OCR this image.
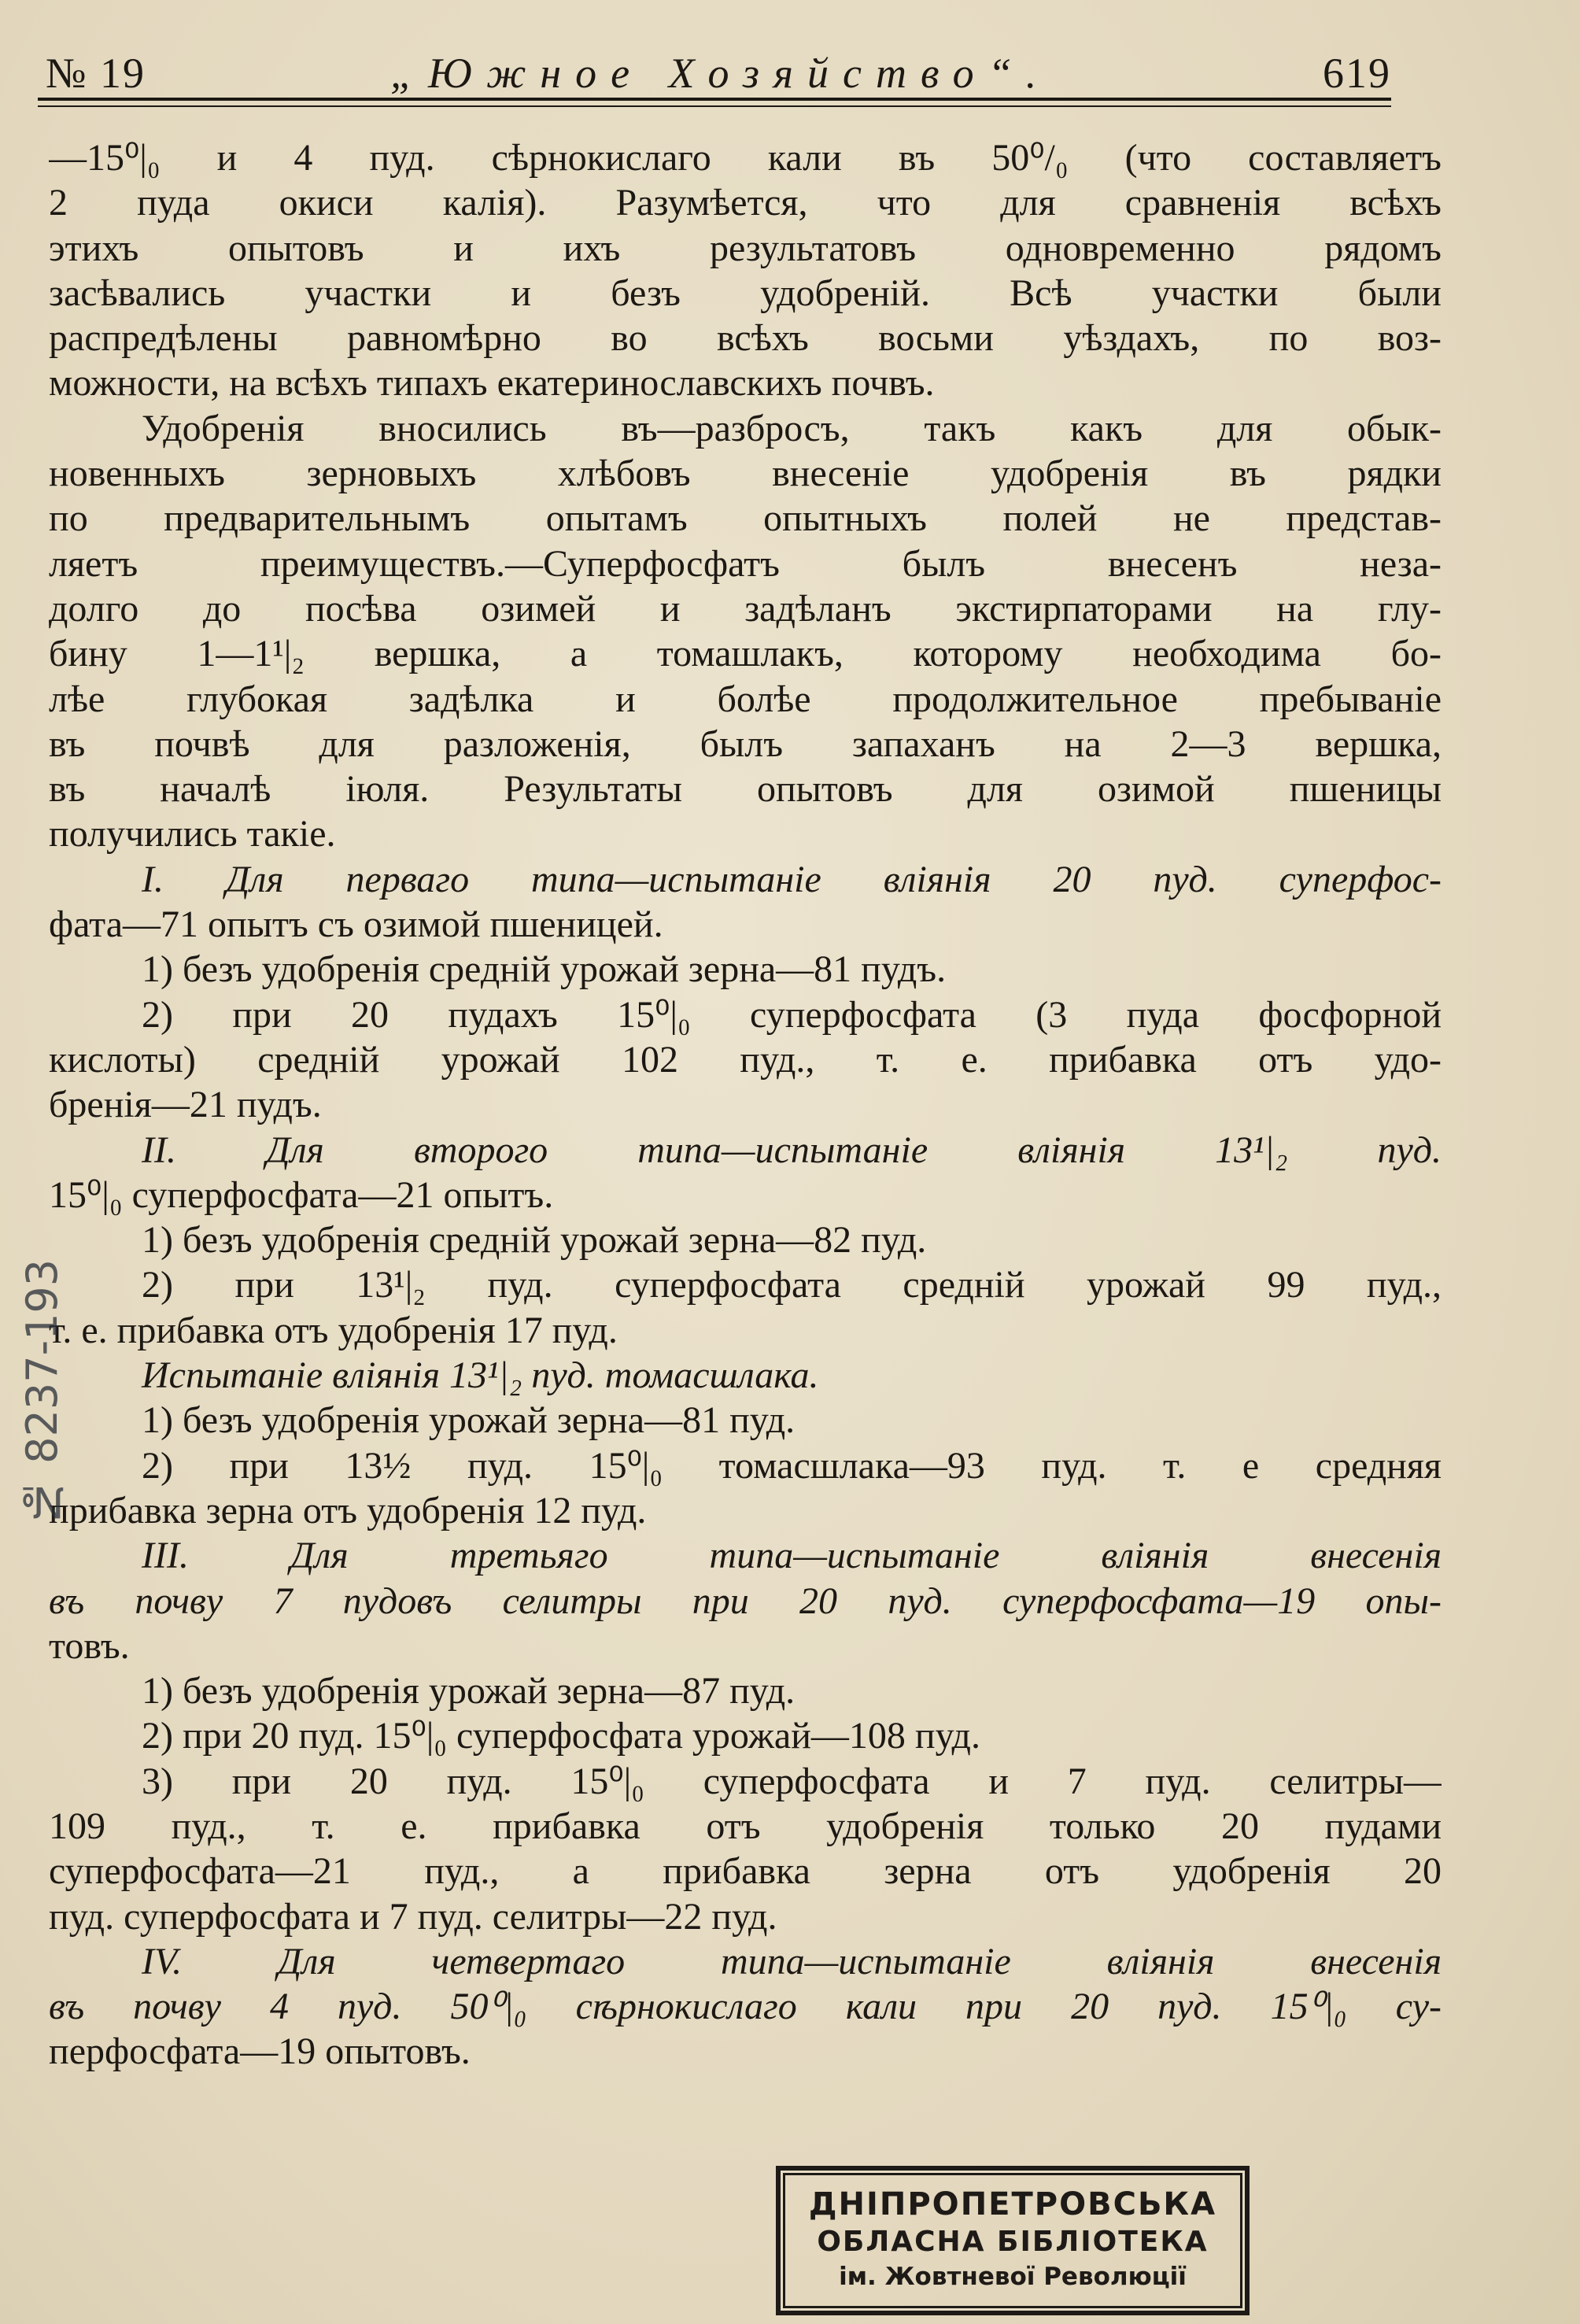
№ 19	„Южное Хозяйство“.	619
—15⁰|₀ и 4 пуд. сѣрнокислаго кали въ 50⁰/₀ (что составляетъ
2 пуда окиси калія). Разумѣется, что для сравненія всѣхъ
этихъ опытовъ и ихъ результатовъ одновременно рядомъ
засѣвались участки и безъ удобреній. Всѣ участки были
распредѣлены равномѣрно во всѣхъ восьми уѣздахъ, по воз-
можности, на всѣхъ типахъ екатеринославскихъ почвъ.
Удобренія вносились въ—разбросъ, такъ какъ для обык-
новенныхъ зерновыхъ хлѣбовъ внесеніе удобренія въ рядки
по предварительнымъ опытамъ опытныхъ полей не представ-
ляетъ преимуществъ.—Суперфосфатъ былъ внесенъ неза-
долго до посѣва озимей и задѣланъ экстирпаторами на глу-
бину 1—1¹|₂ вершка, а томашлакъ, которому необходима бо-
лѣе глубокая задѣлка и болѣе продолжительное пребываніе
въ почвѣ для разложенія, былъ запаханъ на 2—3 вершка,
въ началѣ іюля. Результаты опытовъ для озимой пшеницы
получились такіе.
I. Для перваго типа—испытаніе вліянія 20 пуд. суперфос-
фата—71 опытъ съ озимой пшеницей.
1) безъ удобренія средній урожай зерна—81 пудъ.
2) при 20 пудахъ 15⁰|₀ суперфосфата (3 пуда фосфорной
кислоты) средній урожай 102 пуд., т. е. прибавка отъ удо-
бренія—21 пудъ.
II. Для второго типа—испытаніе вліянія 13¹|₂ пуд.
15⁰|₀ суперфосфата—21 опытъ.
1) безъ удобренія средній урожай зерна—82 пуд.
2) при 13¹|₂ пуд. суперфосфата средній урожай 99 пуд.,
т. е. прибавка отъ удобренія 17 пуд.
Испытаніе вліянія 13¹|₂ пуд. томасшлака.
1) безъ удобренія урожай зерна—81 пуд.
2) при 13½ пуд. 15⁰|₀ томасшлака—93 пуд. т. е средняя
прибавка зерна отъ удобренія 12 пуд.
III. Для третьяго типа—испытаніе вліянія внесенія
въ почву 7 пудовъ селитры при 20 пуд. суперфосфата—19 опы-
товъ.
1) безъ удобренія урожай зерна—87 пуд.
2) при 20 пуд. 15⁰|₀ суперфосфата урожай—108 пуд.
3) при 20 пуд. 15⁰|₀ суперфосфата и 7 пуд. селитры—
109 пуд., т. е. прибавка отъ удобренія только 20 пудами
суперфосфата—21 пуд., а прибавка зерна отъ удобренія 20
пуд. суперфосфата и 7 пуд. селитры—22 пуд.
IV. Для четвертаго типа—испытаніе вліянія внесенія
въ почву 4 пуд. 50⁰|₀ сѣрнокислаго кали при 20 пуд. 15⁰|₀ су-
перфосфата—19 опытовъ.
№ 8237-193
ДНІПРОПЕТРОВСЬКА
ОБЛАСНА БІБЛІОТЕКА
ім. Жовтневої Революції
